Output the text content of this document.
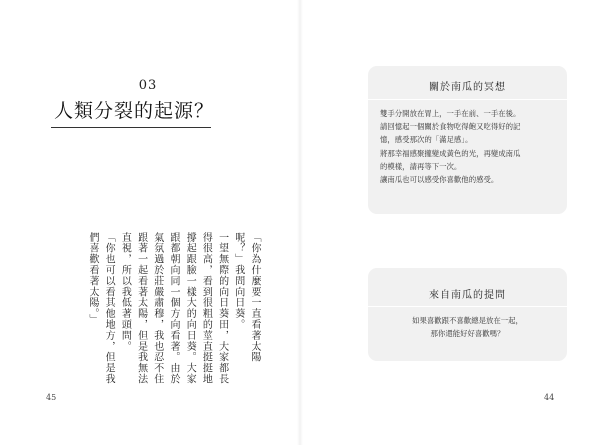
03
人類分裂的起源？

「你為什麼要一直看著太陽呢？」我問向日葵。

一望無際的向日葵田，大家都長得很高，看到很粗的莖直挺挺地撐起跟臉一樣大的向日葵。大家跟都朝向同一個方向看著。由於氣氛過於莊嚴肅穆，我也忍不住跟著一起看著太陽，但是我無法直視，所以我低著頭問。

「你也可以看其他地方，但是我們喜歡看著太陽。」

45
關於南瓜的冥想
雙手分開放在胃上，一手在前、一手在後。
請回憶起一個關於食物吃得飽又吃得好的記
憶，感受那次的「滿足感」。
將那幸福感聚攏變成黃色的光，再變成南瓜
的模樣，請再等下一次。
讓南瓜也可以感受你喜歡他的感受。
來自南瓜的提問
如果喜歡跟不喜歡總是放在一起，
那你還能好好喜歡嗎？
44
